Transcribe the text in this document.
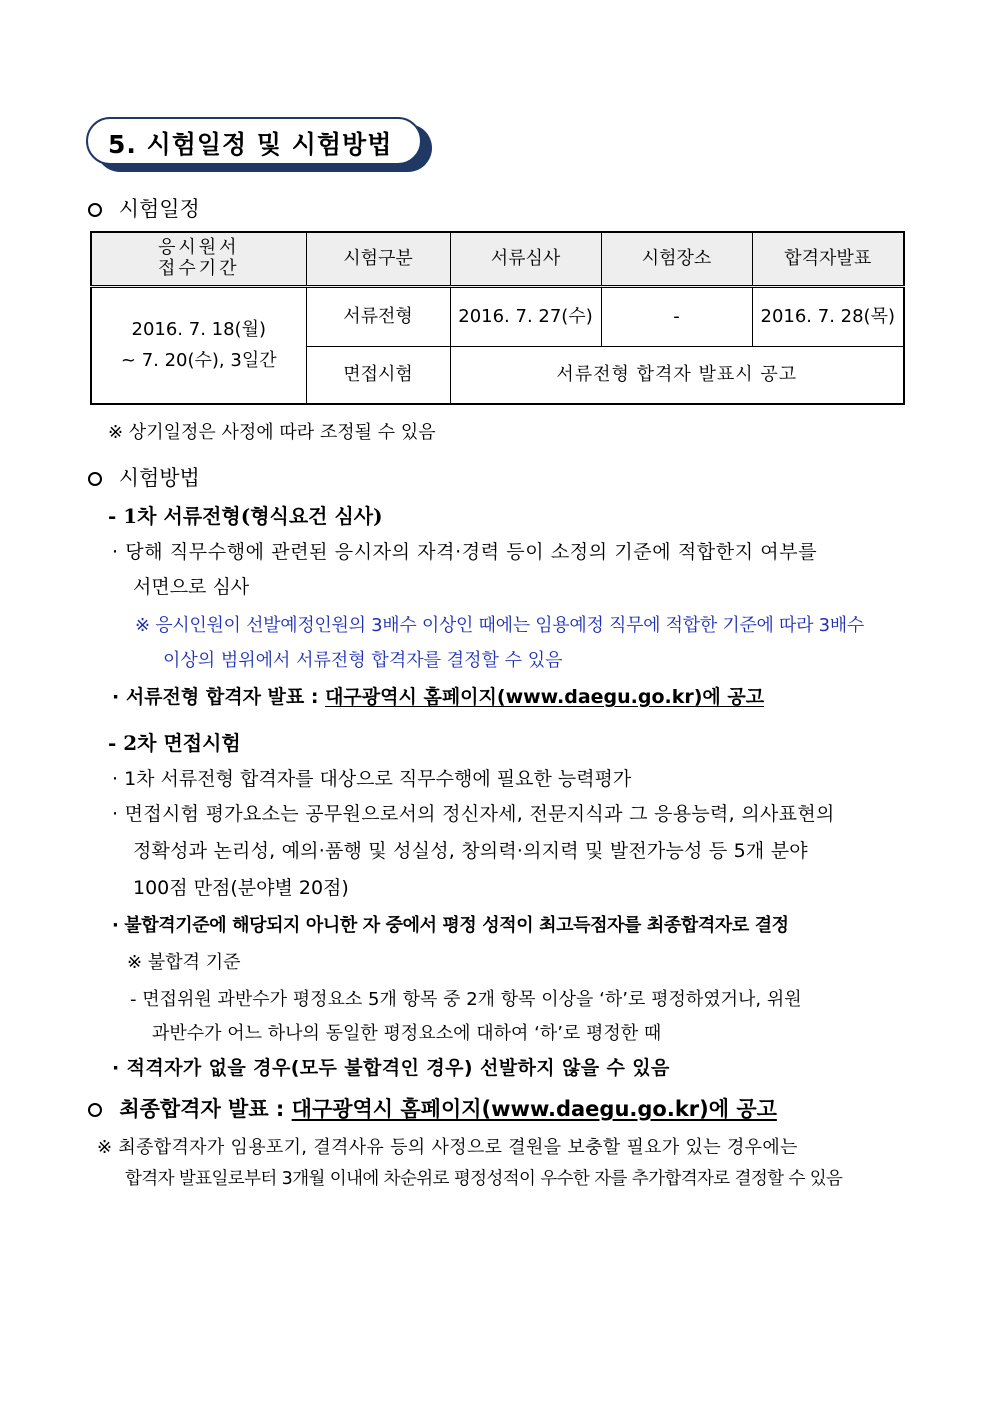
5. 시험일정 및 시험방법
시험일정
응시원서
접수기간	시험구분	서류심사	시험장소	합격자발표
2016. 7. 18(월)
~ 7. 20(수), 3일간	서류전형	2016. 7. 27(수)	-	2016. 7. 28(목)
	면접시험	서류전형 합격자 발표시 공고		
※ 상기일정은 사정에 따라 조정될 수 있음
시험방법
- 1차 서류전형(형식요건 심사)
· 당해 직무수행에 관련된 응시자의 자격·경력 등이 소정의 기준에 적합한지 여부를
서면으로 심사
※ 응시인원이 선발예정인원의 3배수 이상인 때에는 임용예정 직무에 적합한 기준에 따라 3배수
이상의 범위에서 서류전형 합격자를 결정할 수 있음
· 서류전형 합격자 발표 : 대구광역시 홈페이지(www.daegu.go.kr)에 공고
- 2차 면접시험
· 1차 서류전형 합격자를 대상으로 직무수행에 필요한 능력평가
· 면접시험 평가요소는 공무원으로서의 정신자세, 전문지식과 그 응용능력, 의사표현의
정확성과 논리성, 예의·품행 및 성실성, 창의력·의지력 및 발전가능성 등 5개 분야
100점 만점(분야별 20점)
· 불합격기준에 해당되지 아니한 자 중에서 평정 성적이 최고득점자를 최종합격자로 결정
※ 불합격 기준
- 면접위원 과반수가 평정요소 5개 항목 중 2개 항목 이상을 ‘하’로 평정하였거나, 위원
과반수가 어느 하나의 동일한 평정요소에 대하여 ‘하’로 평정한 때
· 적격자가 없을 경우(모두 불합격인 경우) 선발하지 않을 수 있음
최종합격자 발표 : 대구광역시 홈페이지(www.daegu.go.kr)에 공고
※ 최종합격자가 임용포기, 결격사유 등의 사정으로 결원을 보충할 필요가 있는 경우에는
합격자 발표일로부터 3개월 이내에 차순위로 평정성적이 우수한 자를 추가합격자로 결정할 수 있음
